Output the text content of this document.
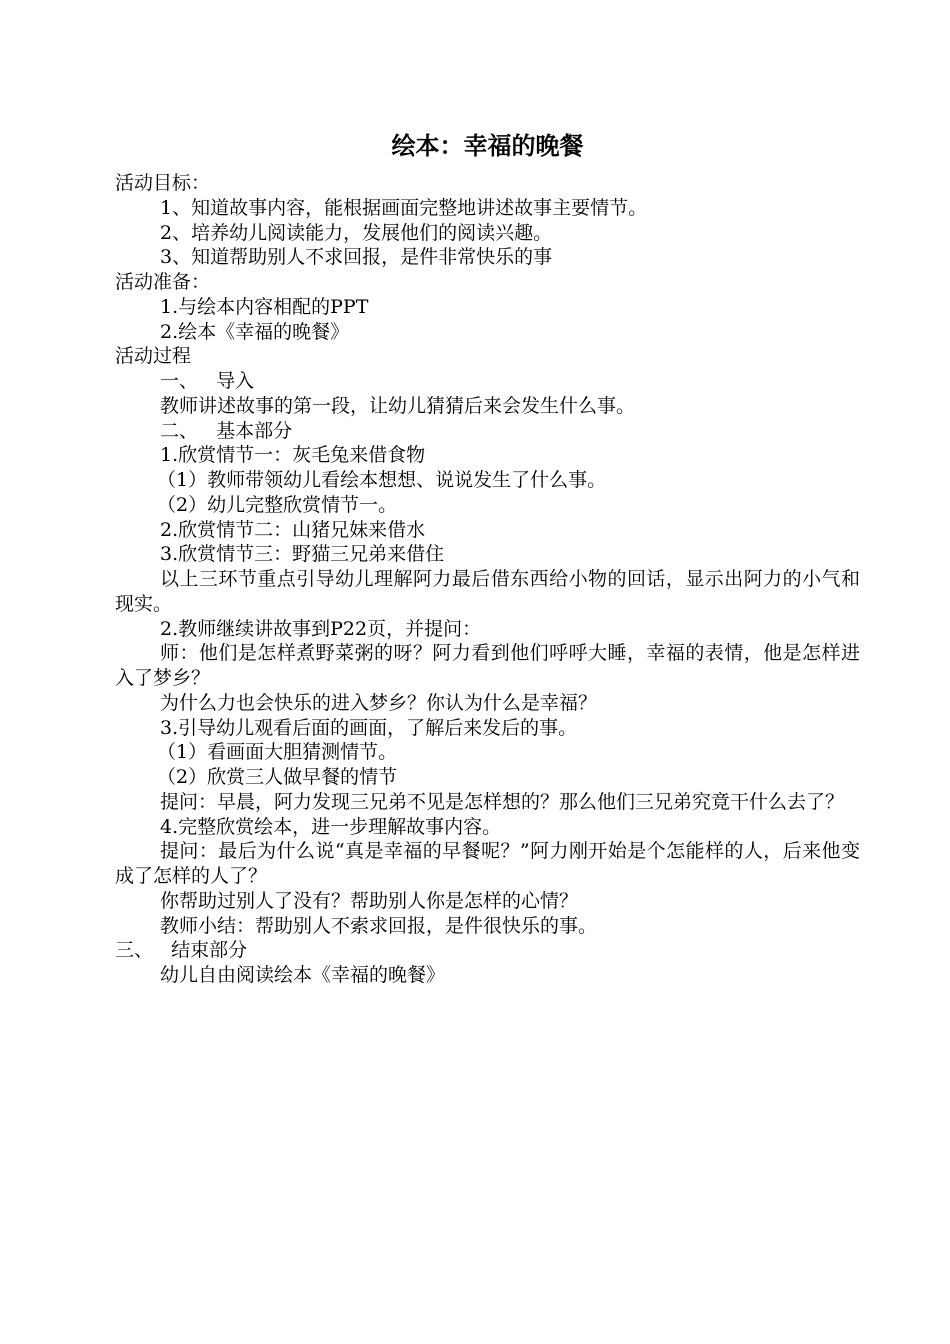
绘本：幸福的晚餐

活动目标：

1、知道故事内容，能根据画面完整地讲述故事主要情节。

2、培养幼儿阅读能力，发展他们的阅读兴趣。

3、知道帮助别人不求回报，是件非常快乐的事

活动准备：

1.与绘本内容相配的PPT

2.绘本《幸福的晚餐》

活动过程

一、   导入

教师讲述故事的第一段，让幼儿猜猜后来会发生什么事。

二、   基本部分

1.欣赏情节一：灰毛兔来借食物

（1）教师带领幼儿看绘本想想、说说发生了什么事。

（2）幼儿完整欣赏情节一。

2.欣赏情节二：山猪兄妹来借水

3.欣赏情节三：野猫三兄弟来借住

以上三环节重点引导幼儿理解阿力最后借东西给小物的回话，显示出阿力的小气和现实。

2.教师继续讲故事到P22页，并提问：

师：他们是怎样煮野菜粥的呀？阿力看到他们呼呼大睡，幸福的表情，他是怎样进入了梦乡？

为什么力也会快乐的进入梦乡？你认为什么是幸福？

3.引导幼儿观看后面的画面，了解后来发后的事。

（1）看画面大胆猜测情节。

（2）欣赏三人做早餐的情节

提问：早晨，阿力发现三兄弟不见是怎样想的？那么他们三兄弟究竟干什么去了？

4.完整欣赏绘本，进一步理解故事内容。

提问：最后为什么说“真是幸福的早餐呢？”阿力刚开始是个怎能样的人，后来他变成了怎样的人了？

你帮助过别人了没有？帮助别人你是怎样的心情？

教师小结：帮助别人不索求回报，是件很快乐的事。

三、   结束部分

幼儿自由阅读绘本《幸福的晚餐》
